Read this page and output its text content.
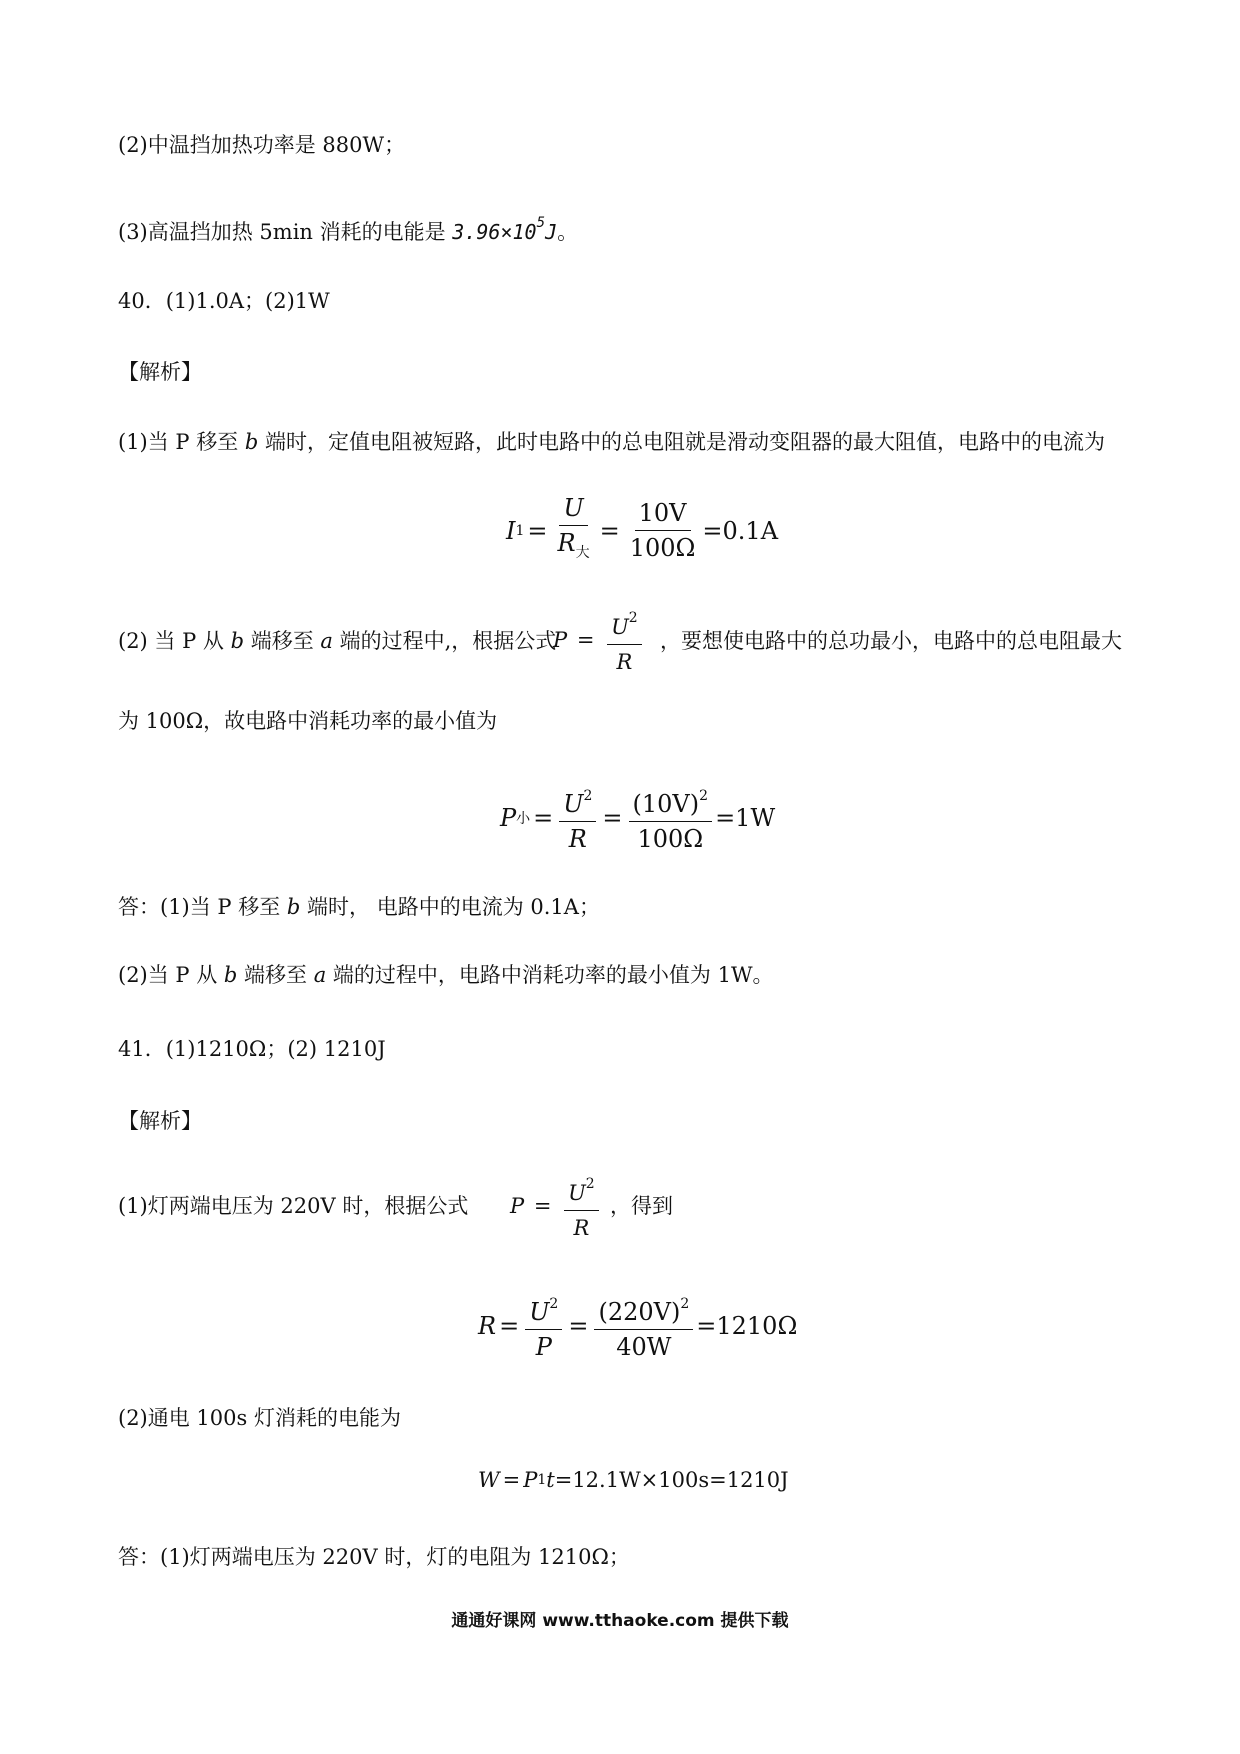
(2)中温挡加热功率是 880W；
(3)高温挡加热 5min 消耗的电能是 $3.96\times 10^5J$。
40．(1)1.0A；(2)1W
【解析】
(1)当 P 移至 b 端时，定值电阻被短路，此时电路中的总电阻就是滑动变阻器的最大阻值，电路中的电流为
I $1 = \frac{U}{R_大} = \frac{10V}{100\Omega} =0.1A$
(2) 当 P 从 b 端移至 a 端的过程中,，根据公式
$P = \frac{U^2}{R}$ ，要想使电路中的总功最小，电路中的总电阻最大
为 100Ω，故电路中消耗功率的最小值为
P 小 = $\frac{U^2}{R} = \frac{(10V)^2}{100\Omega} =1W$
答：(1)当 P 移至 b 端时， 电路中的电流为 0.1A；
(2)当 P 从 b 端移至 a 端的过程中，电路中消耗功率的最小值为 1W。
41．(1)1210Ω；(2) 1210J
【解析】
(1)灯两端电压为 220V 时，根据公式 $P = \frac{U^2}{R}$ ，得到
$R = \frac{U^2}{P} = \frac{(220V)^2}{40W} =1210\Omega$
(2)通电 100s 灯消耗的电能为
W = P 1 t =12.1W×100s=1210J
答：(1)灯两端电压为 220V 时，灯的电阻为 1210Ω；
通通好课网 www.tthaoke.com 提供下载
